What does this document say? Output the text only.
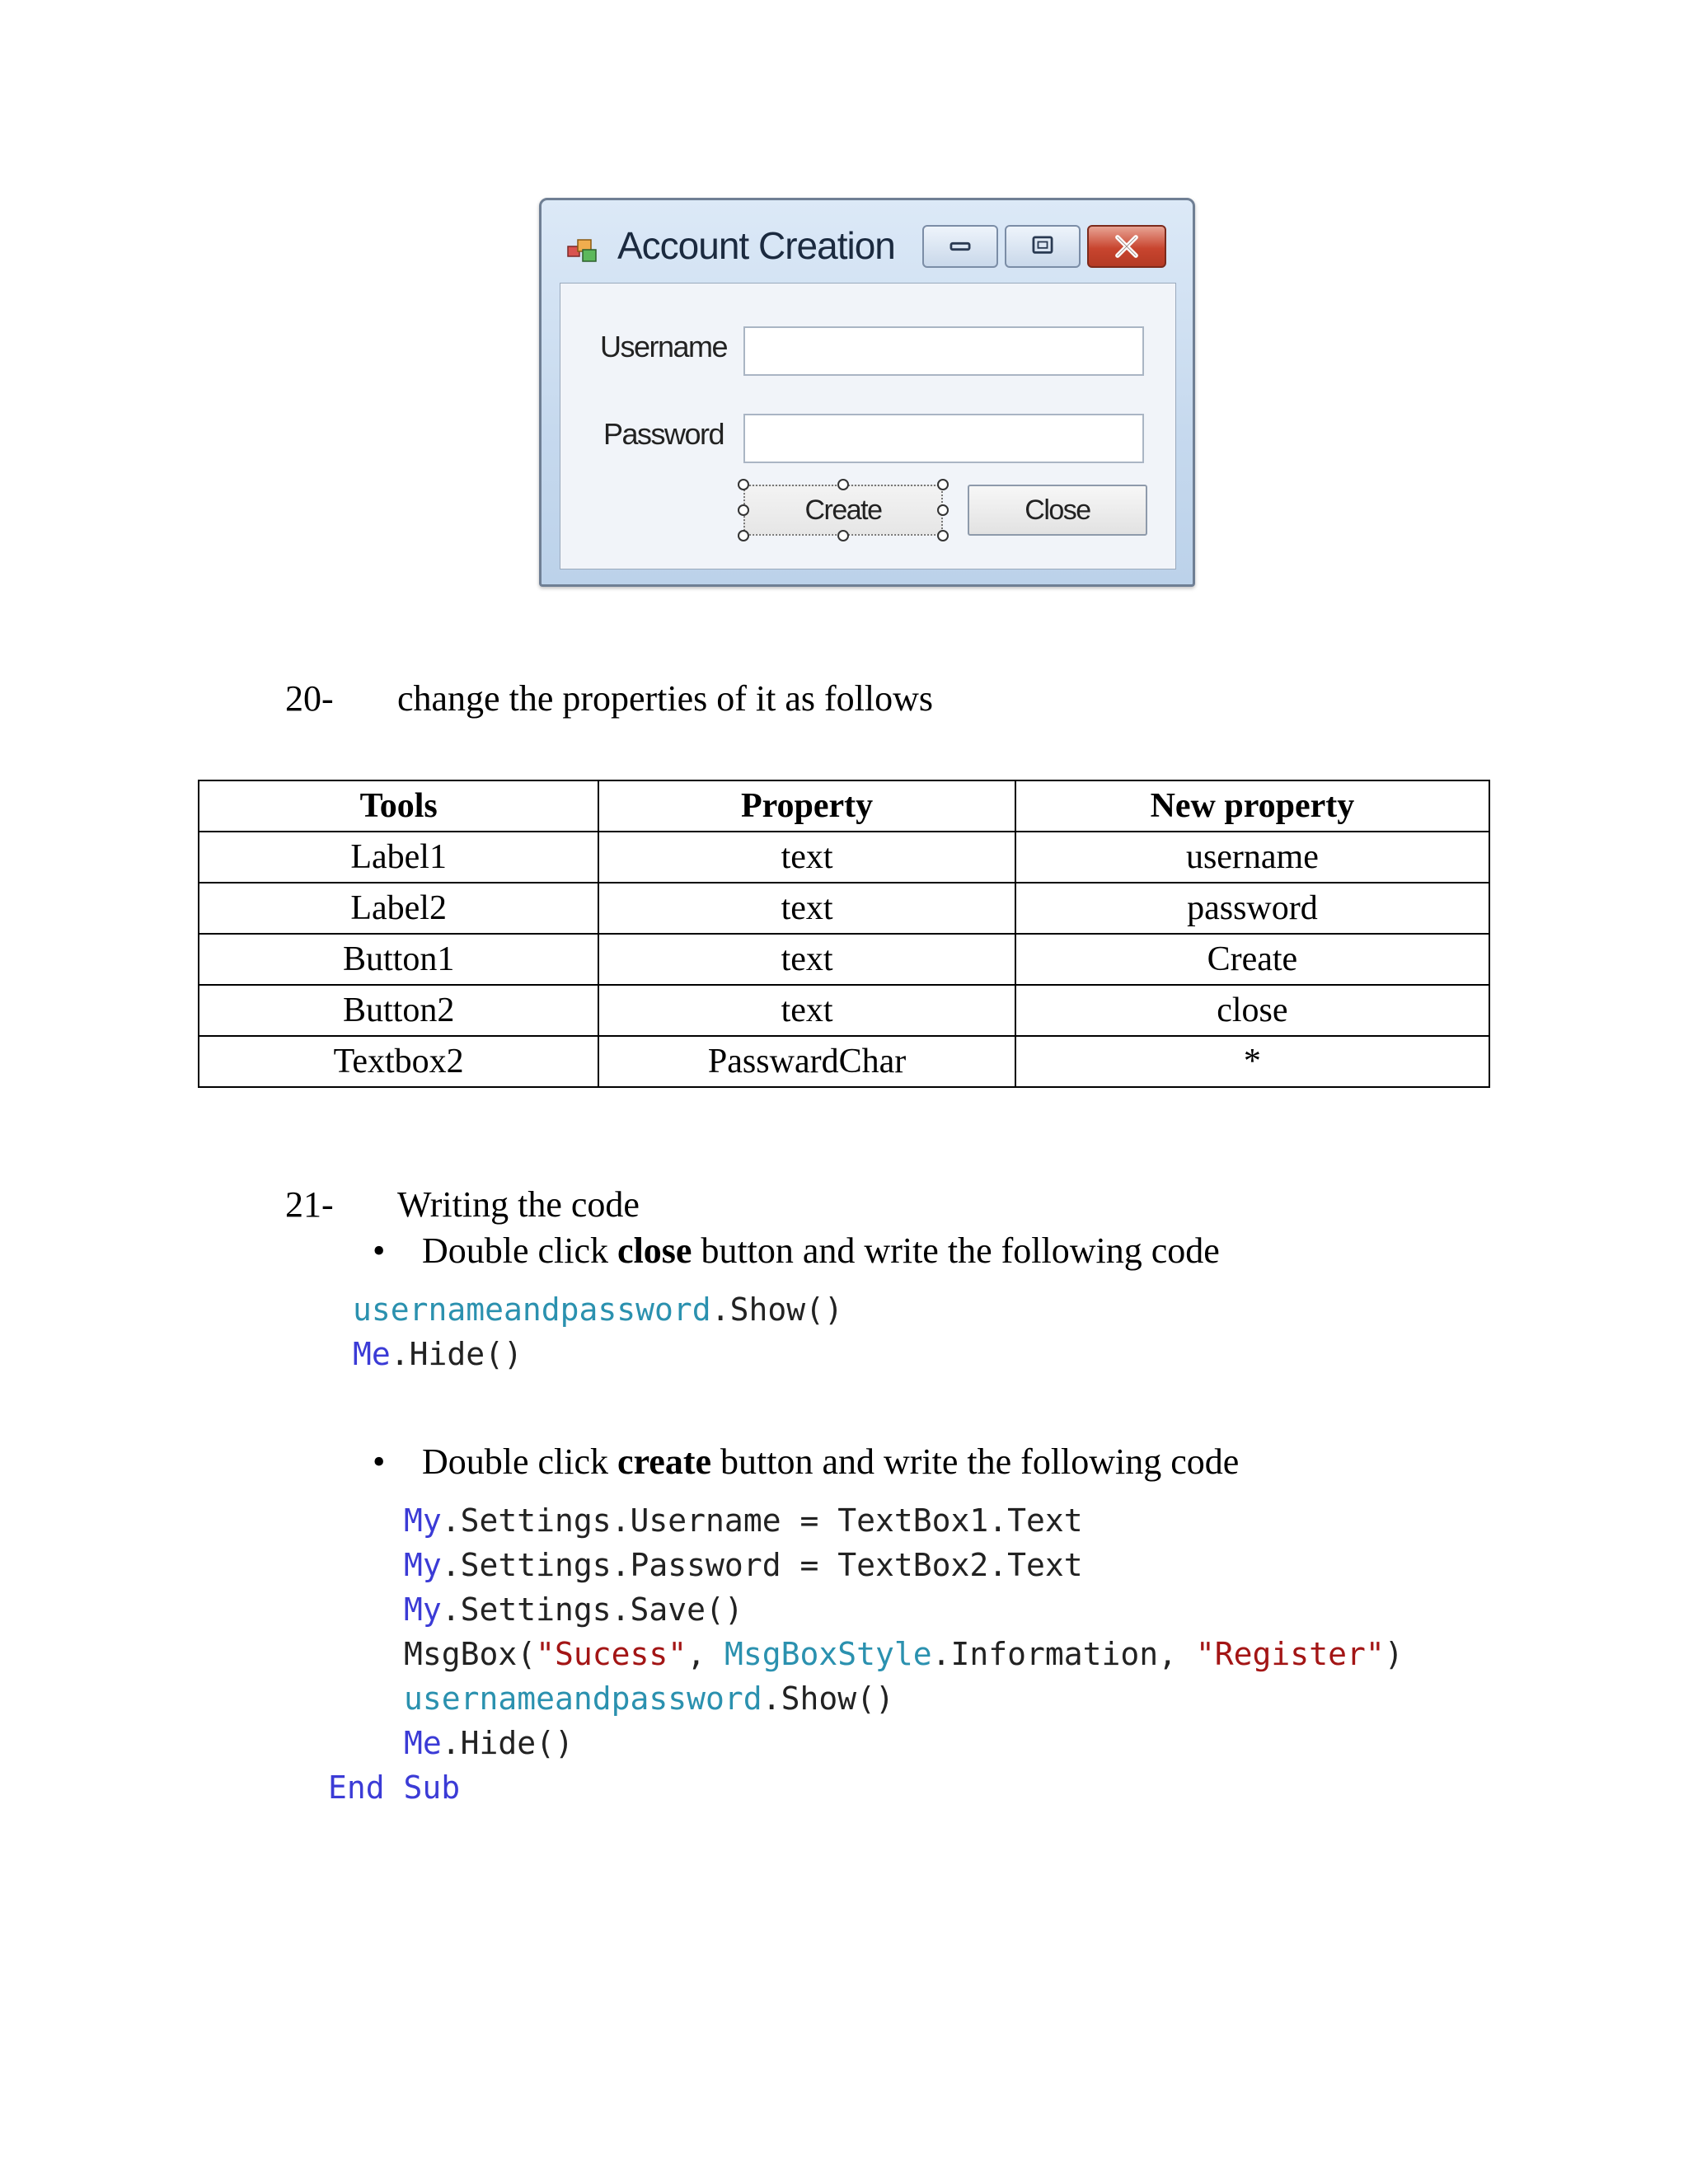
Account Creation
Username
Password
Create	Close
20- change the properties of it as follows
Tools	Property	New property
Label1	text	username
Label2	text	password
Button1	text	Create
Button2	text	close
Textbox2	PasswardChar	*
21- Writing the code
• Double click close button and write the following code
usernameandpassword.Show()
Me.Hide()
• Double click create button and write the following code
My.Settings.Username = TextBox1.Text
My.Settings.Password = TextBox2.Text
My.Settings.Save()
MsgBox("Sucess", MsgBoxStyle.Information, "Register")
usernameandpassword.Show()
Me.Hide()
End Sub
